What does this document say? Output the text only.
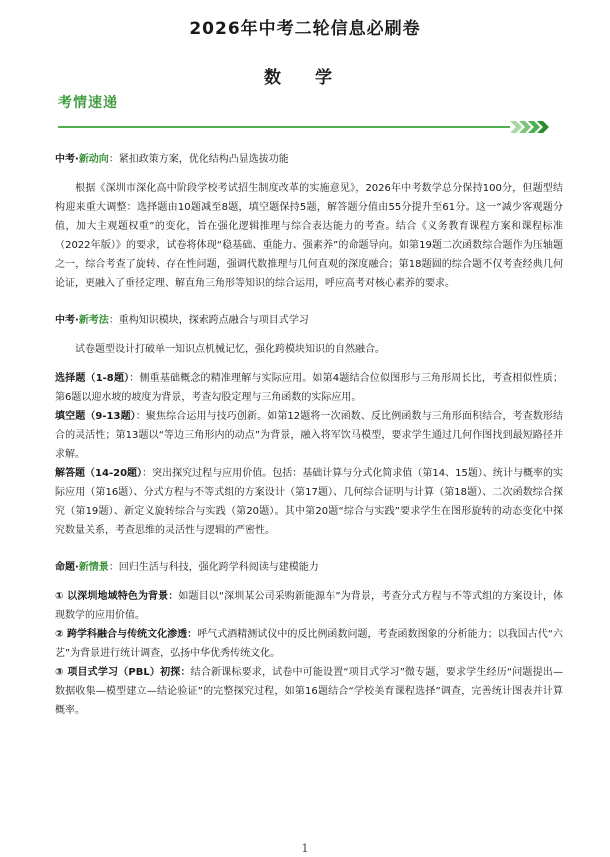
2026年中考二轮信息必刷卷
数 学
考情速递
中考·新动向：紧扣政策方案，优化结构凸显选拔功能

根据《深圳市深化高中阶段学校考试招生制度改革的实施意见》，2026年中考数学总分保持100分，但题型结构迎来重大调整：选择题由10题减至8题，填空题保持5题，解答题分值由55分提升至61分。这一“减少客观题分值，加大主观题权重”的变化，旨在强化逻辑推理与综合表达能力的考查。结合《义务教育课程方案和课程标准（2022年版）》的要求，试卷将体现“稳基础、重能力、强素养”的命题导向。如第19题二次函数综合题作为压轴题之一，综合考查了旋转、存在性问题，强调代数推理与几何直观的深度融合；第18题圆的综合题不仅考查经典几何论证，更融入了垂径定理、解直角三角形等知识的综合运用，呼应高考对核心素养的要求。

中考·新考法：重构知识模块，探索跨点融合与项目式学习

试卷题型设计打破单一知识点机械记忆，强化跨模块知识的自然融合。

选择题（1-8题）：侧重基础概念的精准理解与实际应用。如第4题结合位似图形与三角形周长比，考查相似性质；第6题以迎水坡的坡度为背景，考查勾股定理与三角函数的实际应用。

填空题（9-13题）：聚焦综合运用与技巧创新。如第12题将一次函数、反比例函数与三角形面积结合，考查数形结合的灵活性；第13题以“等边三角形内的动点”为背景，融入将军饮马模型，要求学生通过几何作图找到最短路径并求解。

解答题（14-20题）：突出探究过程与应用价值。包括：基础计算与分式化简求值（第14、15题）、统计与概率的实际应用（第16题）、分式方程与不等式组的方案设计（第17题）、几何综合证明与计算（第18题）、二次函数综合探究（第19题）、新定义旋转综合与实践（第20题）。其中第20题“综合与实践”要求学生在图形旋转的动态变化中探究数量关系，考查思维的灵活性与逻辑的严密性。

命题·新情景：回归生活与科技，强化跨学科阅读与建模能力

① 以深圳地域特色为背景：如题目以“深圳某公司采购新能源车”为背景，考查分式方程与不等式组的方案设计，体现数学的应用价值。

② 跨学科融合与传统文化渗透：呼气式酒精测试仪中的反比例函数问题，考查函数图象的分析能力；以我国古代“六艺”为背景进行统计调查，弘扬中华优秀传统文化。

③ 项目式学习（PBL）初探：结合新课标要求，试卷中可能设置“项目式学习”微专题，要求学生经历“问题提出—数据收集—模型建立—结论验证”的完整探究过程，如第16题结合“学校美育课程选择”调查，完善统计图表并计算概率。

1
